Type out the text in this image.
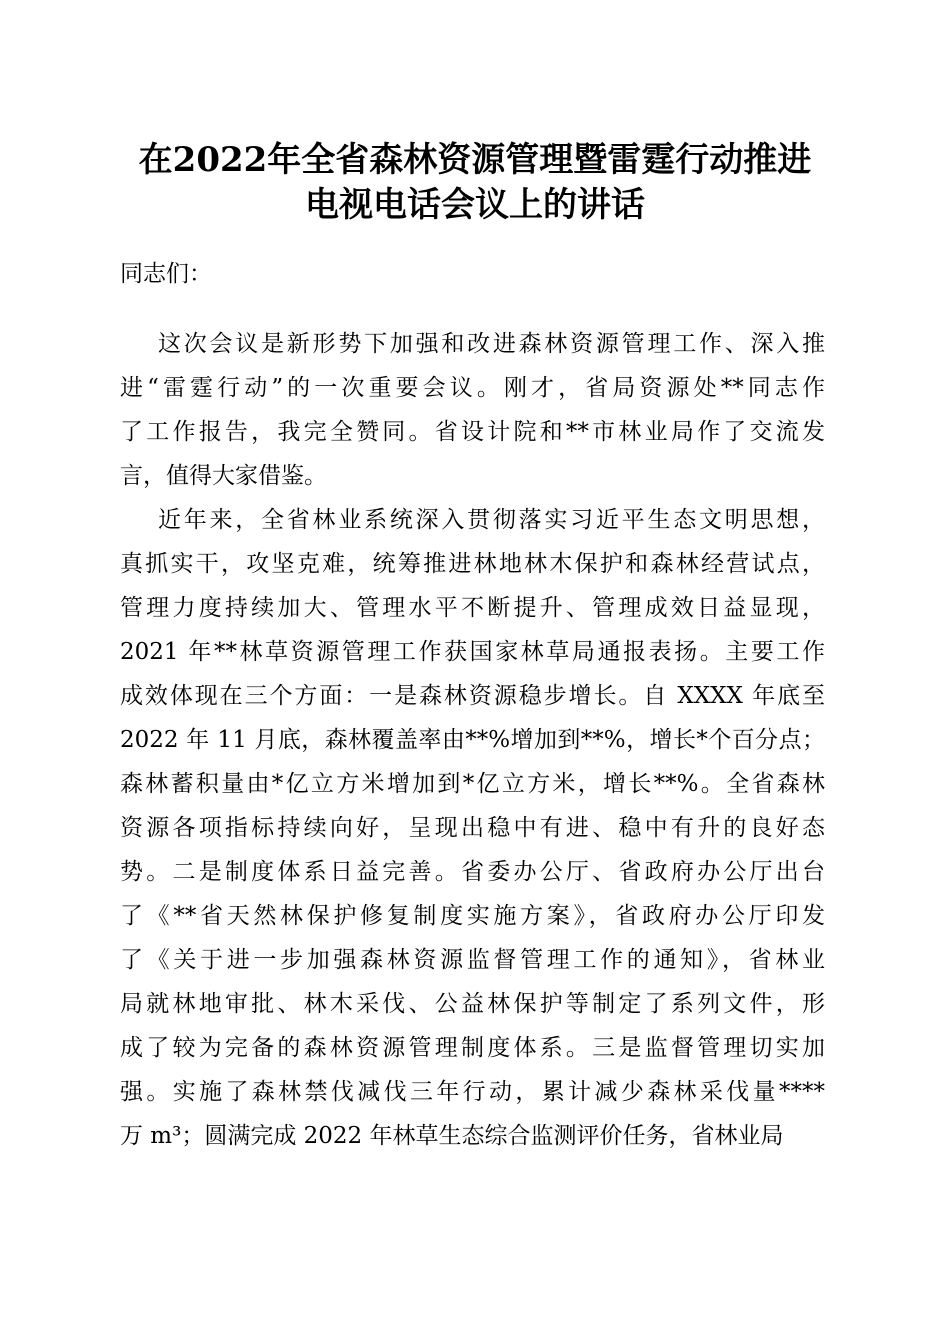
在2022年全省森林资源管理暨雷霆行动推进
电视电话会议上的讲话
同志们：
这次会议是新形势下加强和改进森林资源管理工作、深入推
进“雷霆行动”的一次重要会议。刚才，省局资源处**同志作
了工作报告，我完全赞同。省设计院和**市林业局作了交流发
言，值得大家借鉴。
近年来，全省林业系统深入贯彻落实习近平生态文明思想，
真抓实干，攻坚克难，统筹推进林地林木保护和森林经营试点，
管理力度持续加大、管理水平不断提升、管理成效日益显现，
2021 年**林草资源管理工作获国家林草局通报表扬。主要工作
成效体现在三个方面：一是森林资源稳步增长。自 XXXX 年底至
2022 年 11 月底，森林覆盖率由**%增加到**%，增长*个百分点；
森林蓄积量由*亿立方米增加到*亿立方米，增长**%。全省森林
资源各项指标持续向好，呈现出稳中有进、稳中有升的良好态
势。二是制度体系日益完善。省委办公厅、省政府办公厅出台
了《**省天然林保护修复制度实施方案》，省政府办公厅印发
了《关于进一步加强森林资源监督管理工作的通知》，省林业
局就林地审批、林木采伐、公益林保护等制定了系列文件，形
成了较为完备的森林资源管理制度体系。三是监督管理切实加
强。实施了森林禁伐减伐三年行动，累计减少森林采伐量****
万 m³；圆满完成 2022 年林草生态综合监测评价任务，省林业局
